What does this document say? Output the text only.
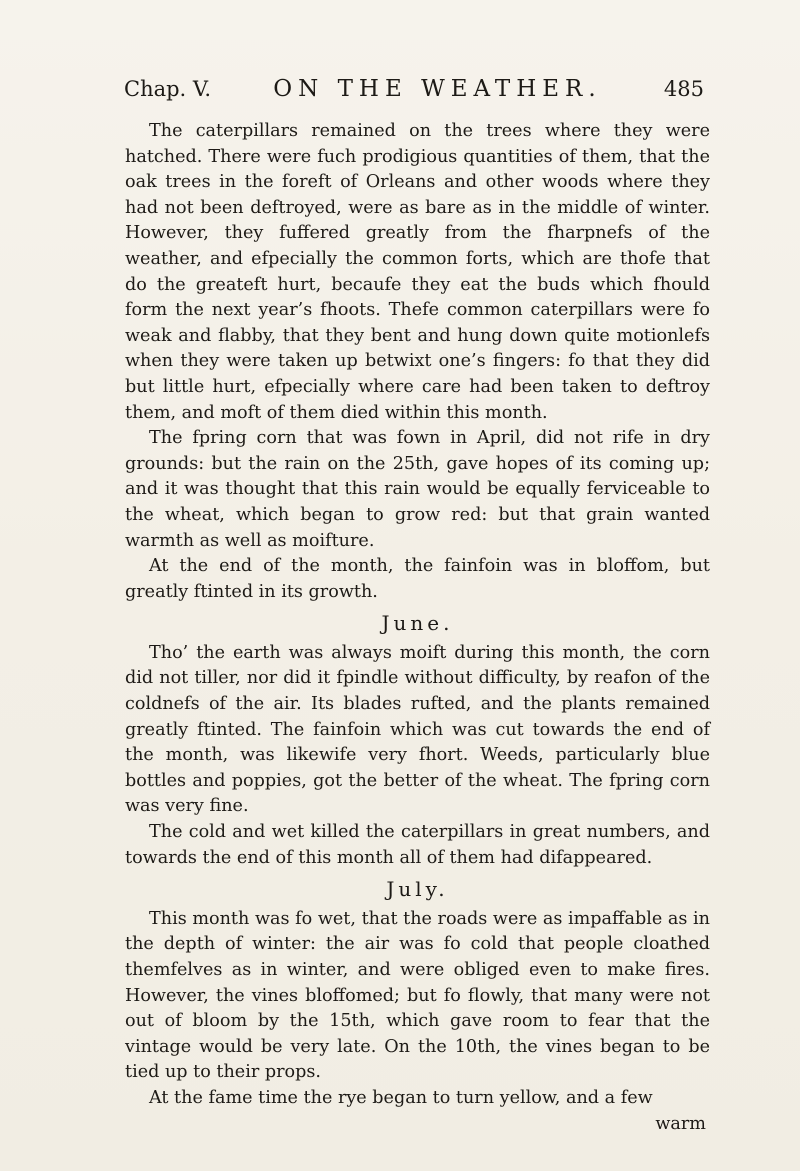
Chap. V.	ON THE WEATHER.	485

The caterpillars remained on the trees where they were hatched. There were fuch prodigious quantities of them, that the oak trees in the foreft of Orleans and other woods where they had not been deftroyed, were as bare as in the middle of winter. However, they fuffered greatly from the fharpnefs of the weather, and efpecially the common forts, which are thofe that do the greateft hurt, becaufe they eat the buds which fhould form the next year’s fhoots. Thefe common caterpillars were fo weak and flabby, that they bent and hung down quite motionlefs when they were taken up betwixt one’s fingers: fo that they did but little hurt, efpecially where care had been taken to deftroy them, and moft of them died within this month.

The fpring corn that was fown in April, did not rife in dry grounds: but the rain on the 25th, gave hopes of its coming up; and it was thought that this rain would be equally ferviceable to the wheat, which began to grow red: but that grain wanted warmth as well as moifture.

At the end of the month, the fainfoin was in bloffom, but greatly ftinted in its growth.

June.

Tho’ the earth was always moift during this month, the corn did not tiller, nor did it fpindle without difficulty, by reafon of the coldnefs of the air. Its blades rufted, and the plants remained greatly ftinted. The fainfoin which was cut towards the end of the month, was likewife very fhort. Weeds, particularly blue bottles and poppies, got the better of the wheat. The fpring corn was very fine.

The cold and wet killed the caterpillars in great numbers, and towards the end of this month all of them had difappeared.

July.

This month was fo wet, that the roads were as impaffable as in the depth of winter: the air was fo cold that people cloathed themfelves as in winter, and were obliged even to make fires. However, the vines bloffomed; but fo flowly, that many were not out of bloom by the 15th, which gave room to fear that the vintage would be very late. On the 10th, the vines began to be tied up to their props.

At the fame time the rye began to turn yellow, and a few

warm
